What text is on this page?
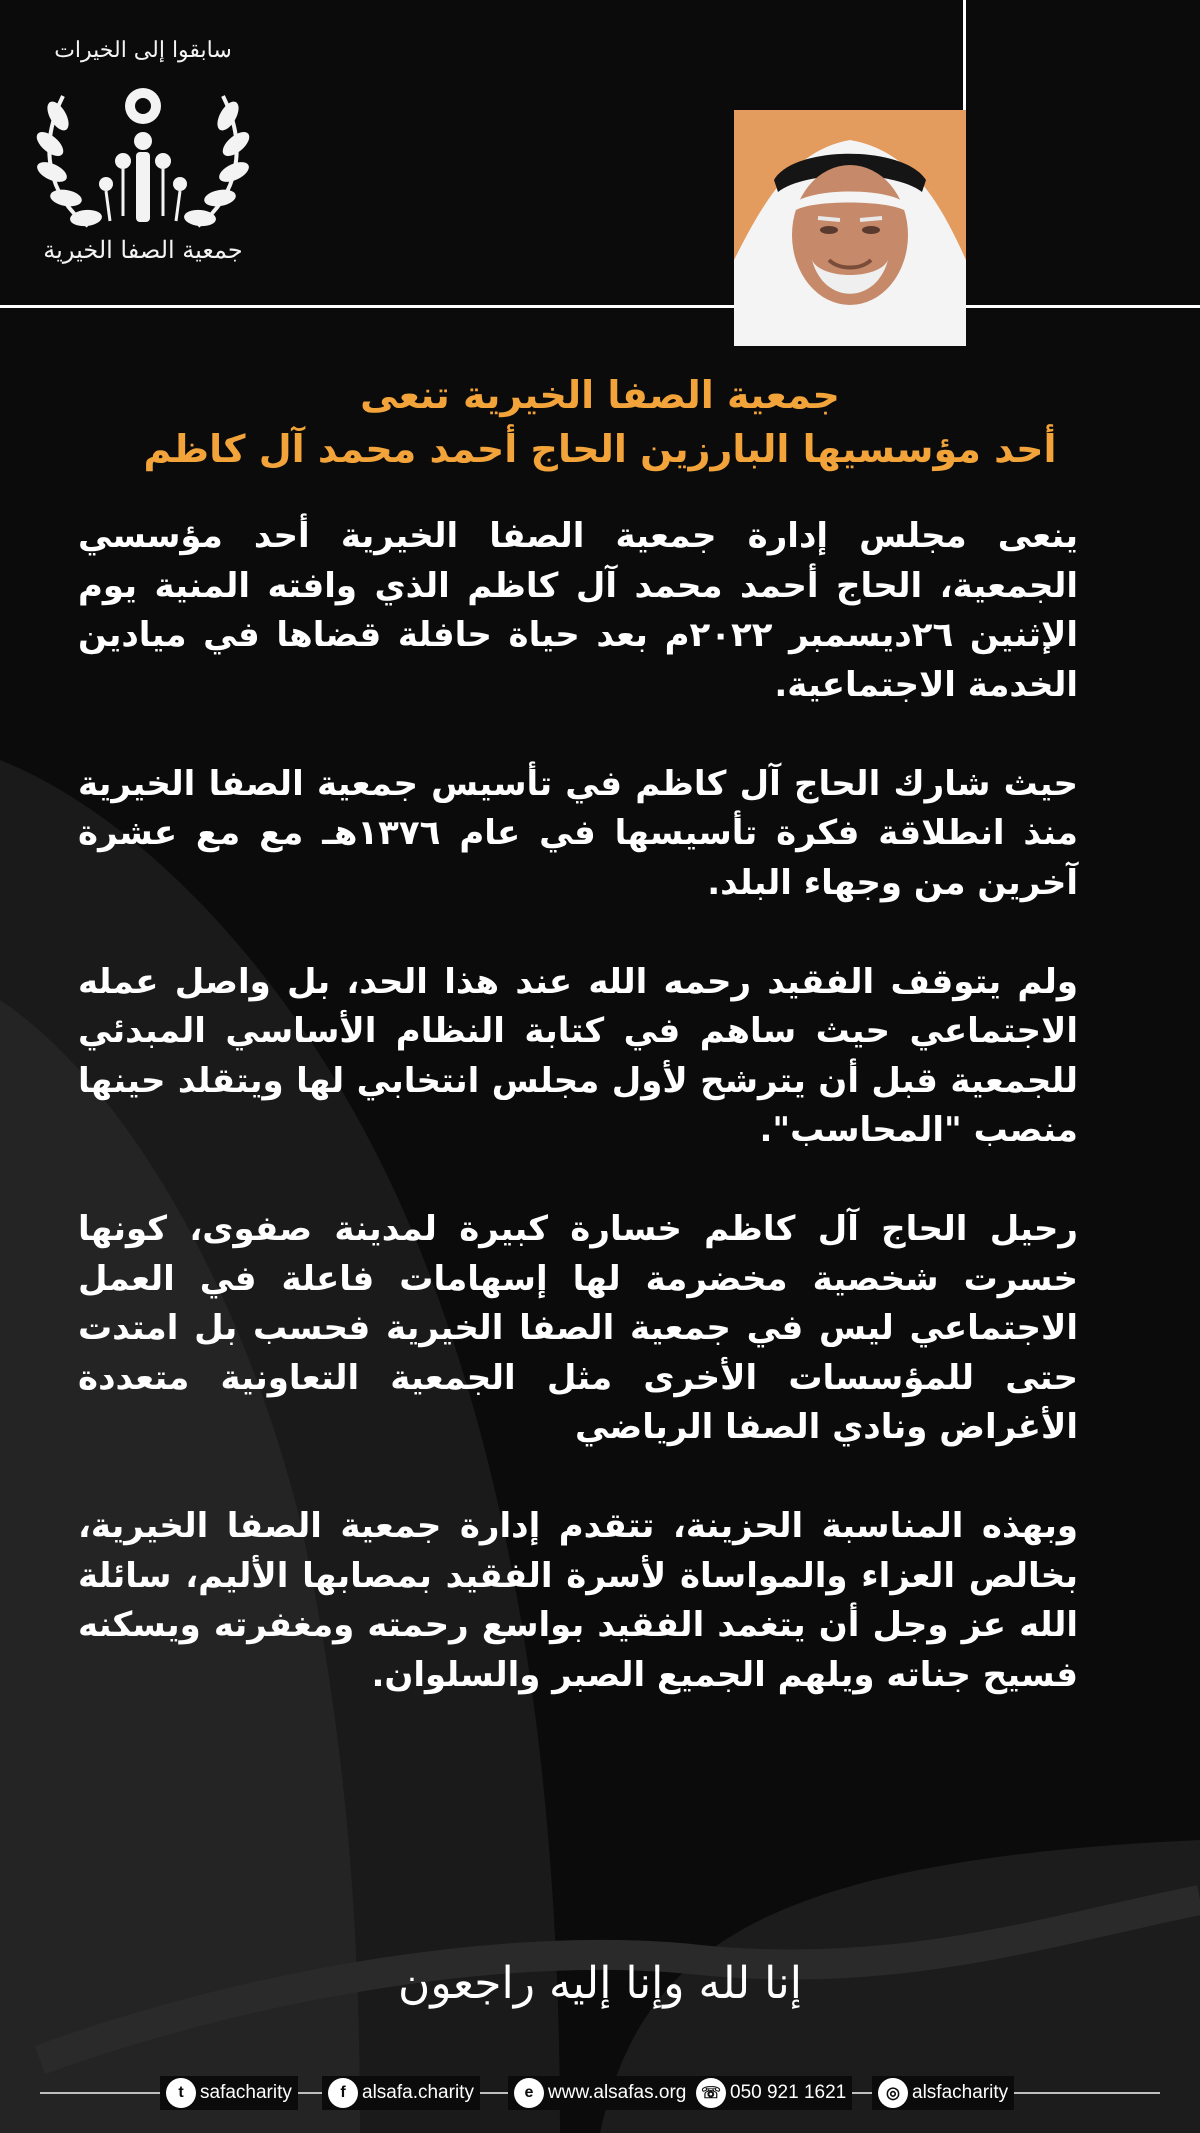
سابقوا إلى الخيرات
جمعية الصفا الخيرية
جمعية الصفا الخيرية تنعى
أحد مؤسسيها البارزين الحاج أحمد محمد آل كاظم

ينعى مجلس إدارة جمعية الصفا الخيرية أحد مؤسسي الجمعية، الحاج أحمد محمد آل كاظم الذي وافته المنية يوم الإثنين ٢٦ديسمبر ٢٠٢٢م بعد حياة حافلة قضاها في ميادين الخدمة الاجتماعية.

حيث شارك الحاج آل كاظم في تأسيس جمعية الصفا الخيرية منذ انطلاقة فكرة تأسيسها في عام ١٣٧٦هـ مع مع عشرة آخرين من وجهاء البلد.

ولم يتوقف الفقيد رحمه الله عند هذا الحد، بل واصل عمله الاجتماعي حيث ساهم في كتابة النظام الأساسي المبدئي للجمعية قبل أن يترشح لأول مجلس انتخابي لها ويتقلد حينها منصب "المحاسب".

رحيل الحاج آل كاظم خسارة كبيرة لمدينة صفوى، كونها خسرت شخصية مخضرمة لها إسهامات فاعلة في العمل الاجتماعي ليس في جمعية الصفا الخيرية فحسب بل امتدت حتى للمؤسسات الأخرى مثل الجمعية التعاونية متعددة الأغراض ونادي الصفا الرياضي

وبهذه المناسبة الحزينة، تتقدم إدارة جمعية الصفا الخيرية، بخالص العزاء والمواساة لأسرة الفقيد بمصابها الأليم، سائلة الله عز وجل أن يتغمد الفقيد بواسع رحمته ومغفرته ويسكنه فسيح جناته ويلهم الجميع الصبر والسلوان.

إنا لله وإنا إليه راجعون
t safacharity	f alsafa.charity	e www.alsafas.org ☏ 050 921 1621	◎ alsfacharity
